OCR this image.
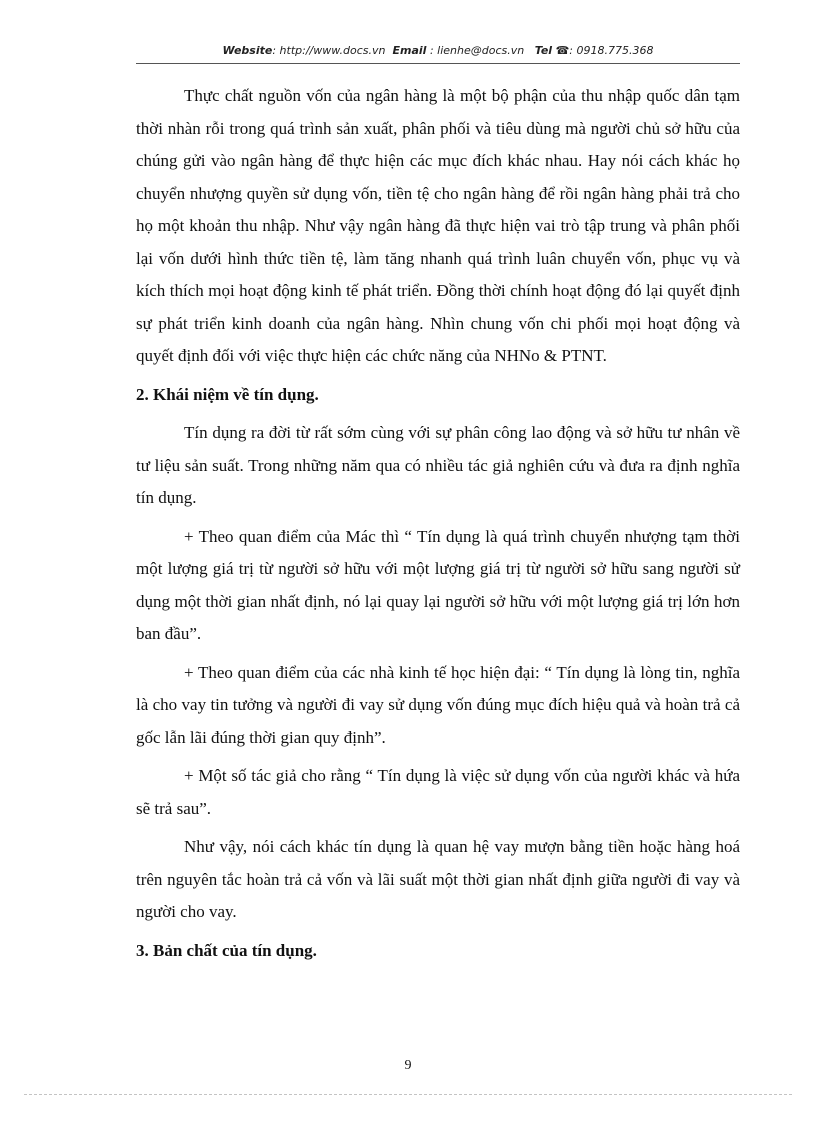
Website: http://www.docs.vn Email : lienhe@docs.vn Tel ☎: 0918.775.368

Thực chất nguồn vốn của ngân hàng là một bộ phận của thu nhập quốc dân tạm thời nhàn rỗi trong quá trình sản xuất, phân phối và tiêu dùng mà người chủ sở hữu của chúng gửi vào ngân hàng để thực hiện các mục đích khác nhau. Hay nói cách khác họ chuyển nhượng quyền sử dụng vốn, tiền tệ cho ngân hàng để rồi ngân hàng phải trả cho họ một khoản thu nhập. Như vậy ngân hàng đã thực hiện vai trò tập trung và phân phối lại vốn dưới hình thức tiền tệ, làm tăng nhanh quá trình luân chuyển vốn, phục vụ và kích thích mọi hoạt động kinh tế phát triển. Đồng thời chính hoạt động đó lại quyết định sự phát triển kinh doanh của ngân hàng. Nhìn chung vốn chi phối mọi hoạt động và quyết định đối với việc thực hiện các chức năng của NHNo & PTNT.

2. Khái niệm về tín dụng.

Tín dụng ra đời từ rất sớm cùng với sự phân công lao động và sở hữu tư nhân về tư liệu sản suất. Trong những năm qua có nhiều tác giả nghiên cứu và đưa ra định nghĩa tín dụng.

+ Theo quan điểm của Mác thì “ Tín dụng là quá trình chuyển nhượng tạm thời một lượng giá trị từ người sở hữu với một lượng giá trị từ người sở hữu sang người sử dụng một thời gian nhất định, nó lại quay lại người sở hữu với một lượng giá trị lớn hơn ban đầu”.

+ Theo quan điểm của các nhà kinh tế học hiện đại: “ Tín dụng là lòng tin, nghĩa là cho vay tin tưởng và người đi vay sử dụng vốn đúng mục đích hiệu quả và hoàn trả cả gốc lẫn lãi đúng thời gian quy định”.

+ Một số tác giả cho rằng “ Tín dụng là việc sử dụng vốn của người khác và hứa sẽ trả sau”.

Như vậy, nói cách khác tín dụng là quan hệ vay mượn bằng tiền hoặc hàng hoá trên nguyên tắc hoàn trả cả vốn và lãi suất một thời gian nhất định giữa người đi vay và người cho vay.

3. Bản chất của tín dụng.
9
